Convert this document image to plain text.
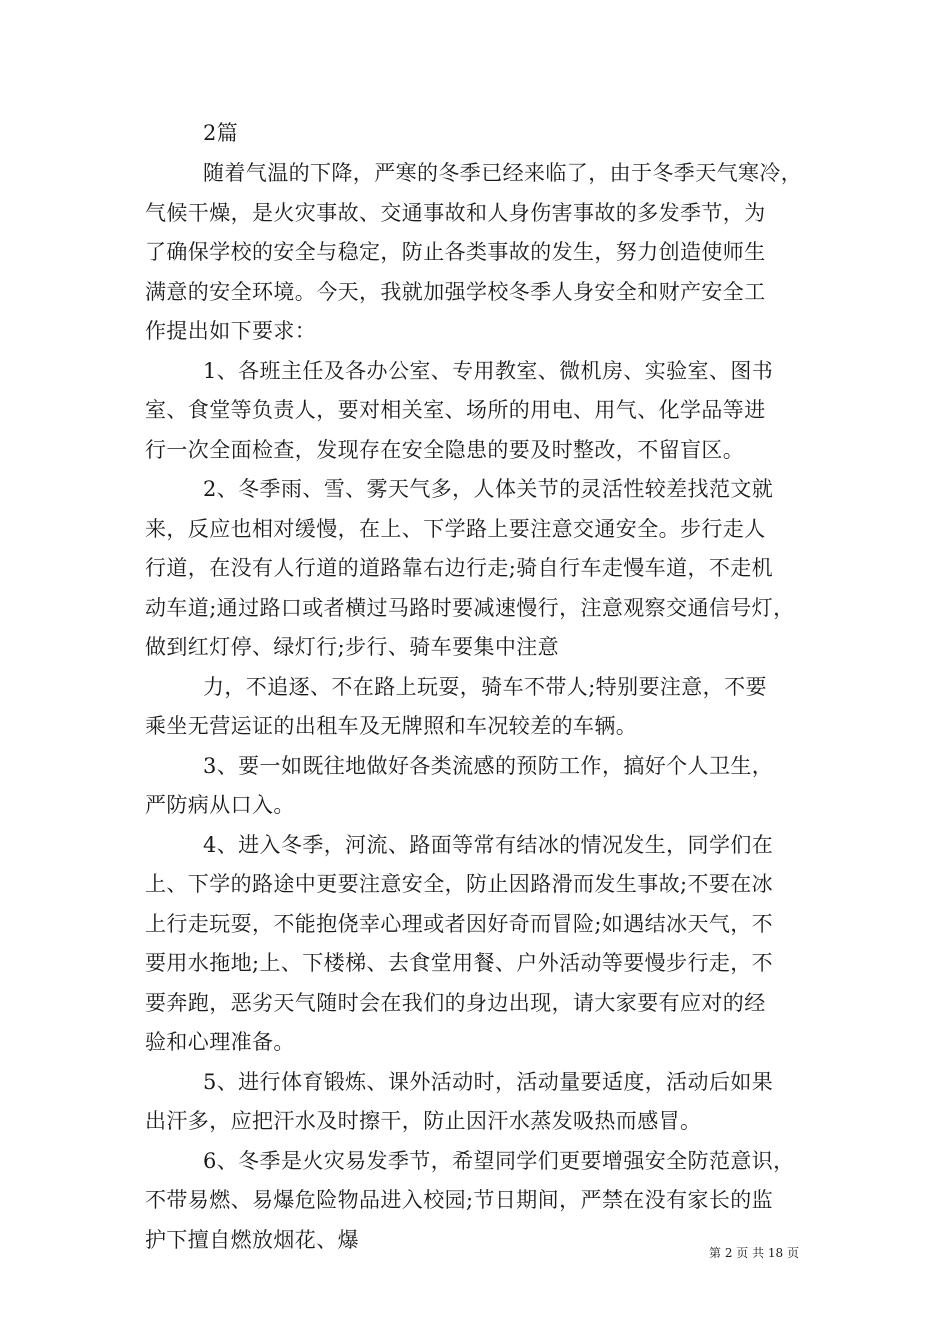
2篇
随着气温的下降，严寒的冬季已经来临了，由于冬季天气寒冷，
气候干燥，是火灾事故、交通事故和人身伤害事故的多发季节，为
了确保学校的安全与稳定，防止各类事故的发生，努力创造使师生
满意的安全环境。今天，我就加强学校冬季人身安全和财产安全工
作提出如下要求：
1、各班主任及各办公室、专用教室、微机房、实验室、图书
室、食堂等负责人，要对相关室、场所的用电、用气、化学品等进
行一次全面检查，发现存在安全隐患的要及时整改，不留盲区。
2、冬季雨、雪、雾天气多，人体关节的灵活性较差找范文就
来，反应也相对缓慢，在上、下学路上要注意交通安全。步行走人
行道，在没有人行道的道路靠右边行走;骑自行车走慢车道，不走机
动车道;通过路口或者横过马路时要减速慢行，注意观察交通信号灯，
做到红灯停、绿灯行;步行、骑车要集中注意
力，不追逐、不在路上玩耍，骑车不带人;特别要注意，不要
乘坐无营运证的出租车及无牌照和车况较差的车辆。
3、要一如既往地做好各类流感的预防工作，搞好个人卫生，
严防病从口入。
4、进入冬季，河流、路面等常有结冰的情况发生，同学们在
上、下学的路途中更要注意安全，防止因路滑而发生事故;不要在冰
上行走玩耍，不能抱侥幸心理或者因好奇而冒险;如遇结冰天气，不
要用水拖地;上、下楼梯、去食堂用餐、户外活动等要慢步行走，不
要奔跑，恶劣天气随时会在我们的身边出现，请大家要有应对的经
验和心理准备。
5、进行体育锻炼、课外活动时，活动量要适度，活动后如果
出汗多，应把汗水及时擦干，防止因汗水蒸发吸热而感冒。
6、冬季是火灾易发季节，希望同学们更要增强安全防范意识，
不带易燃、易爆危险物品进入校园;节日期间，严禁在没有家长的监
护下擅自燃放烟花、爆
第 2 页 共 18 页
